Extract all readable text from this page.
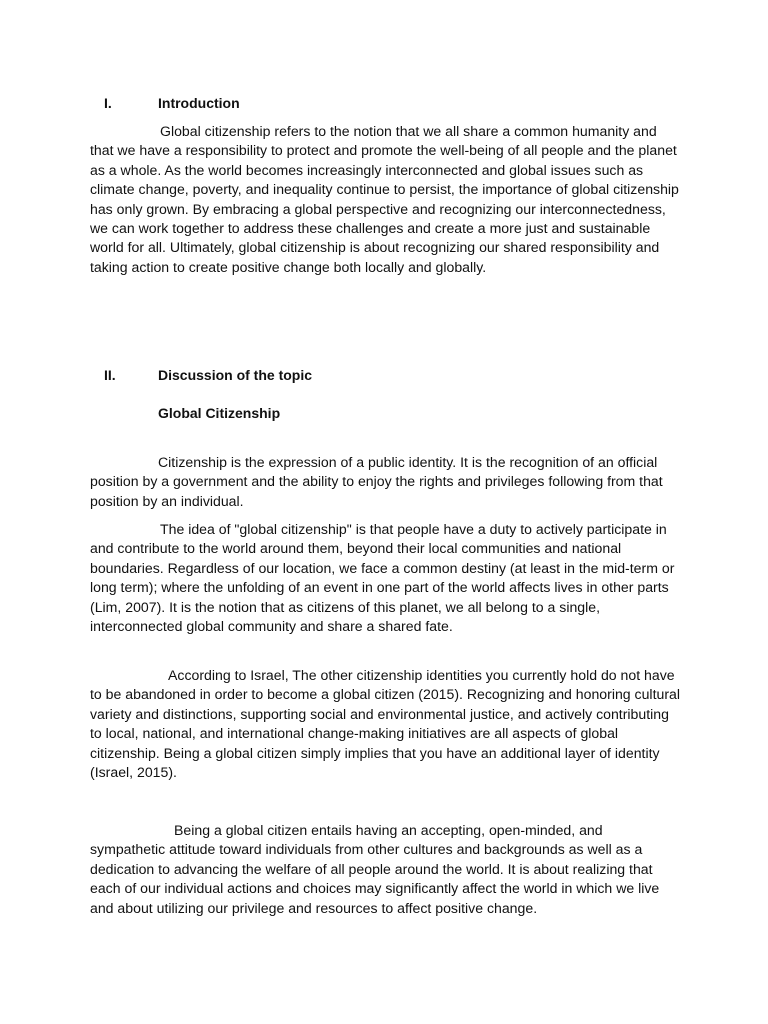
I.	Introduction

Global citizenship refers to the notion that we all share a common humanity and that we have a responsibility to protect and promote the well-being of all people and the planet as a whole. As the world becomes increasingly interconnected and global issues such as climate change, poverty, and inequality continue to persist, the importance of global citizenship has only grown. By embracing a global perspective and recognizing our interconnectedness, we can work together to address these challenges and create a more just and sustainable world for all. Ultimately, global citizenship is about recognizing our shared responsibility and taking action to create positive change both locally and globally.

II.	Discussion of the topic
Global Citizenship

Citizenship is the expression of a public identity. It is the recognition of an official position by a government and the ability to enjoy the rights and privileges following from that position by an individual.

The idea of "global citizenship" is that people have a duty to actively participate in and contribute to the world around them, beyond their local communities and national boundaries. Regardless of our location, we face a common destiny (at least in the mid-term or long term); where the unfolding of an event in one part of the world affects lives in other parts (Lim, 2007). It is the notion that as citizens of this planet, we all belong to a single, interconnected global community and share a shared fate.

According to Israel, The other citizenship identities you currently hold do not have to be abandoned in order to become a global citizen (2015). Recognizing and honoring cultural variety and distinctions, supporting social and environmental justice, and actively contributing to local, national, and international change-making initiatives are all aspects of global citizenship. Being a global citizen simply implies that you have an additional layer of identity (Israel, 2015).

Being a global citizen entails having an accepting, open-minded, and sympathetic attitude toward individuals from other cultures and backgrounds as well as a dedication to advancing the welfare of all people around the world. It is about realizing that each of our individual actions and choices may significantly affect the world in which we live and about utilizing our privilege and resources to affect positive change.
